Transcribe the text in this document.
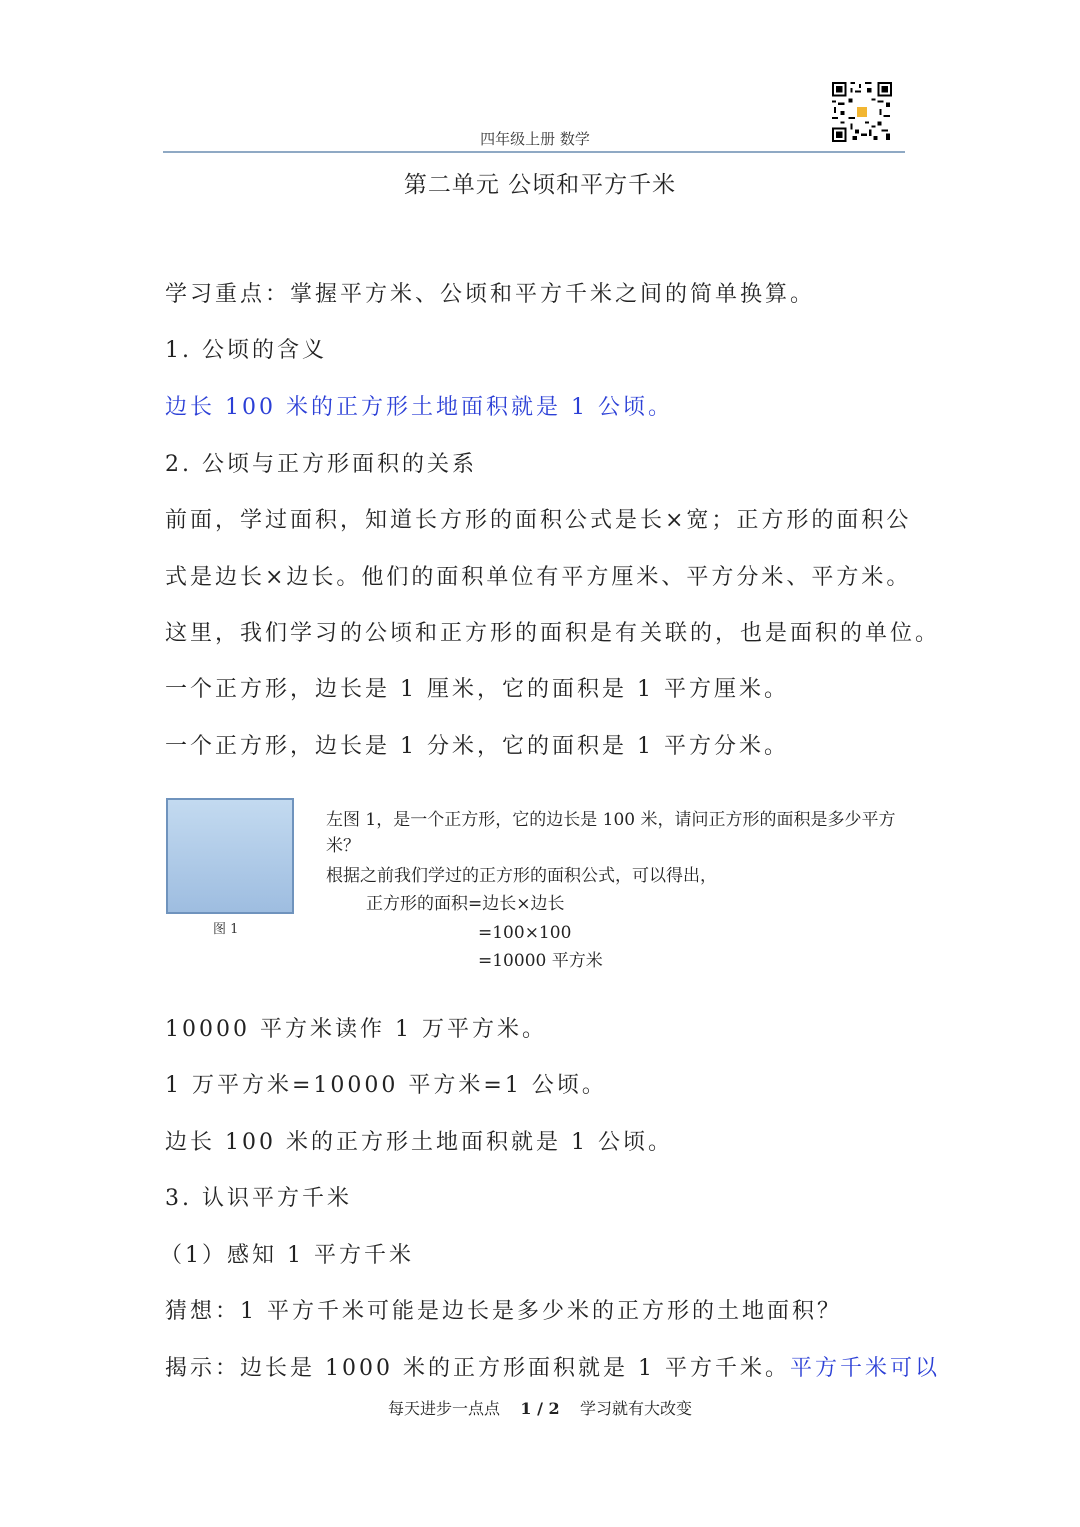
四年级上册 数学
第二单元 公顷和平方千米
学习重点：掌握平方米、公顷和平方千米之间的简单换算。
1. 公顷的含义
边长 100 米的正方形土地面积就是 1 公顷。
2. 公顷与正方形面积的关系
前面，学过面积，知道长方形的面积公式是长×宽；正方形的面积公
式是边长×边长。他们的面积单位有平方厘米、平方分米、平方米。
这里，我们学习的公顷和正方形的面积是有关联的，也是面积的单位。
一个正方形，边长是 1 厘米，它的面积是 1 平方厘米。
一个正方形，边长是 1 分米，它的面积是 1 平方分米。
图 1
左图 1，是一个正方形，它的边长是 100 米，请问正方形的面积是多少平方
米？
根据之前我们学过的正方形的面积公式，可以得出，
正方形的面积=边长×边长
=100×100
=10000 平方米
10000 平方米读作 1 万平方米。
1 万平方米=10000 平方米=1 公顷。
边长 100 米的正方形土地面积就是 1 公顷。
3. 认识平方千米
（1）感知 1 平方千米
猜想：1 平方千米可能是边长是多少米的正方形的土地面积？
揭示：边长是 1000 米的正方形面积就是 1 平方千米。平方千米可以
每天进步一点点 1 / 2 学习就有大改变
